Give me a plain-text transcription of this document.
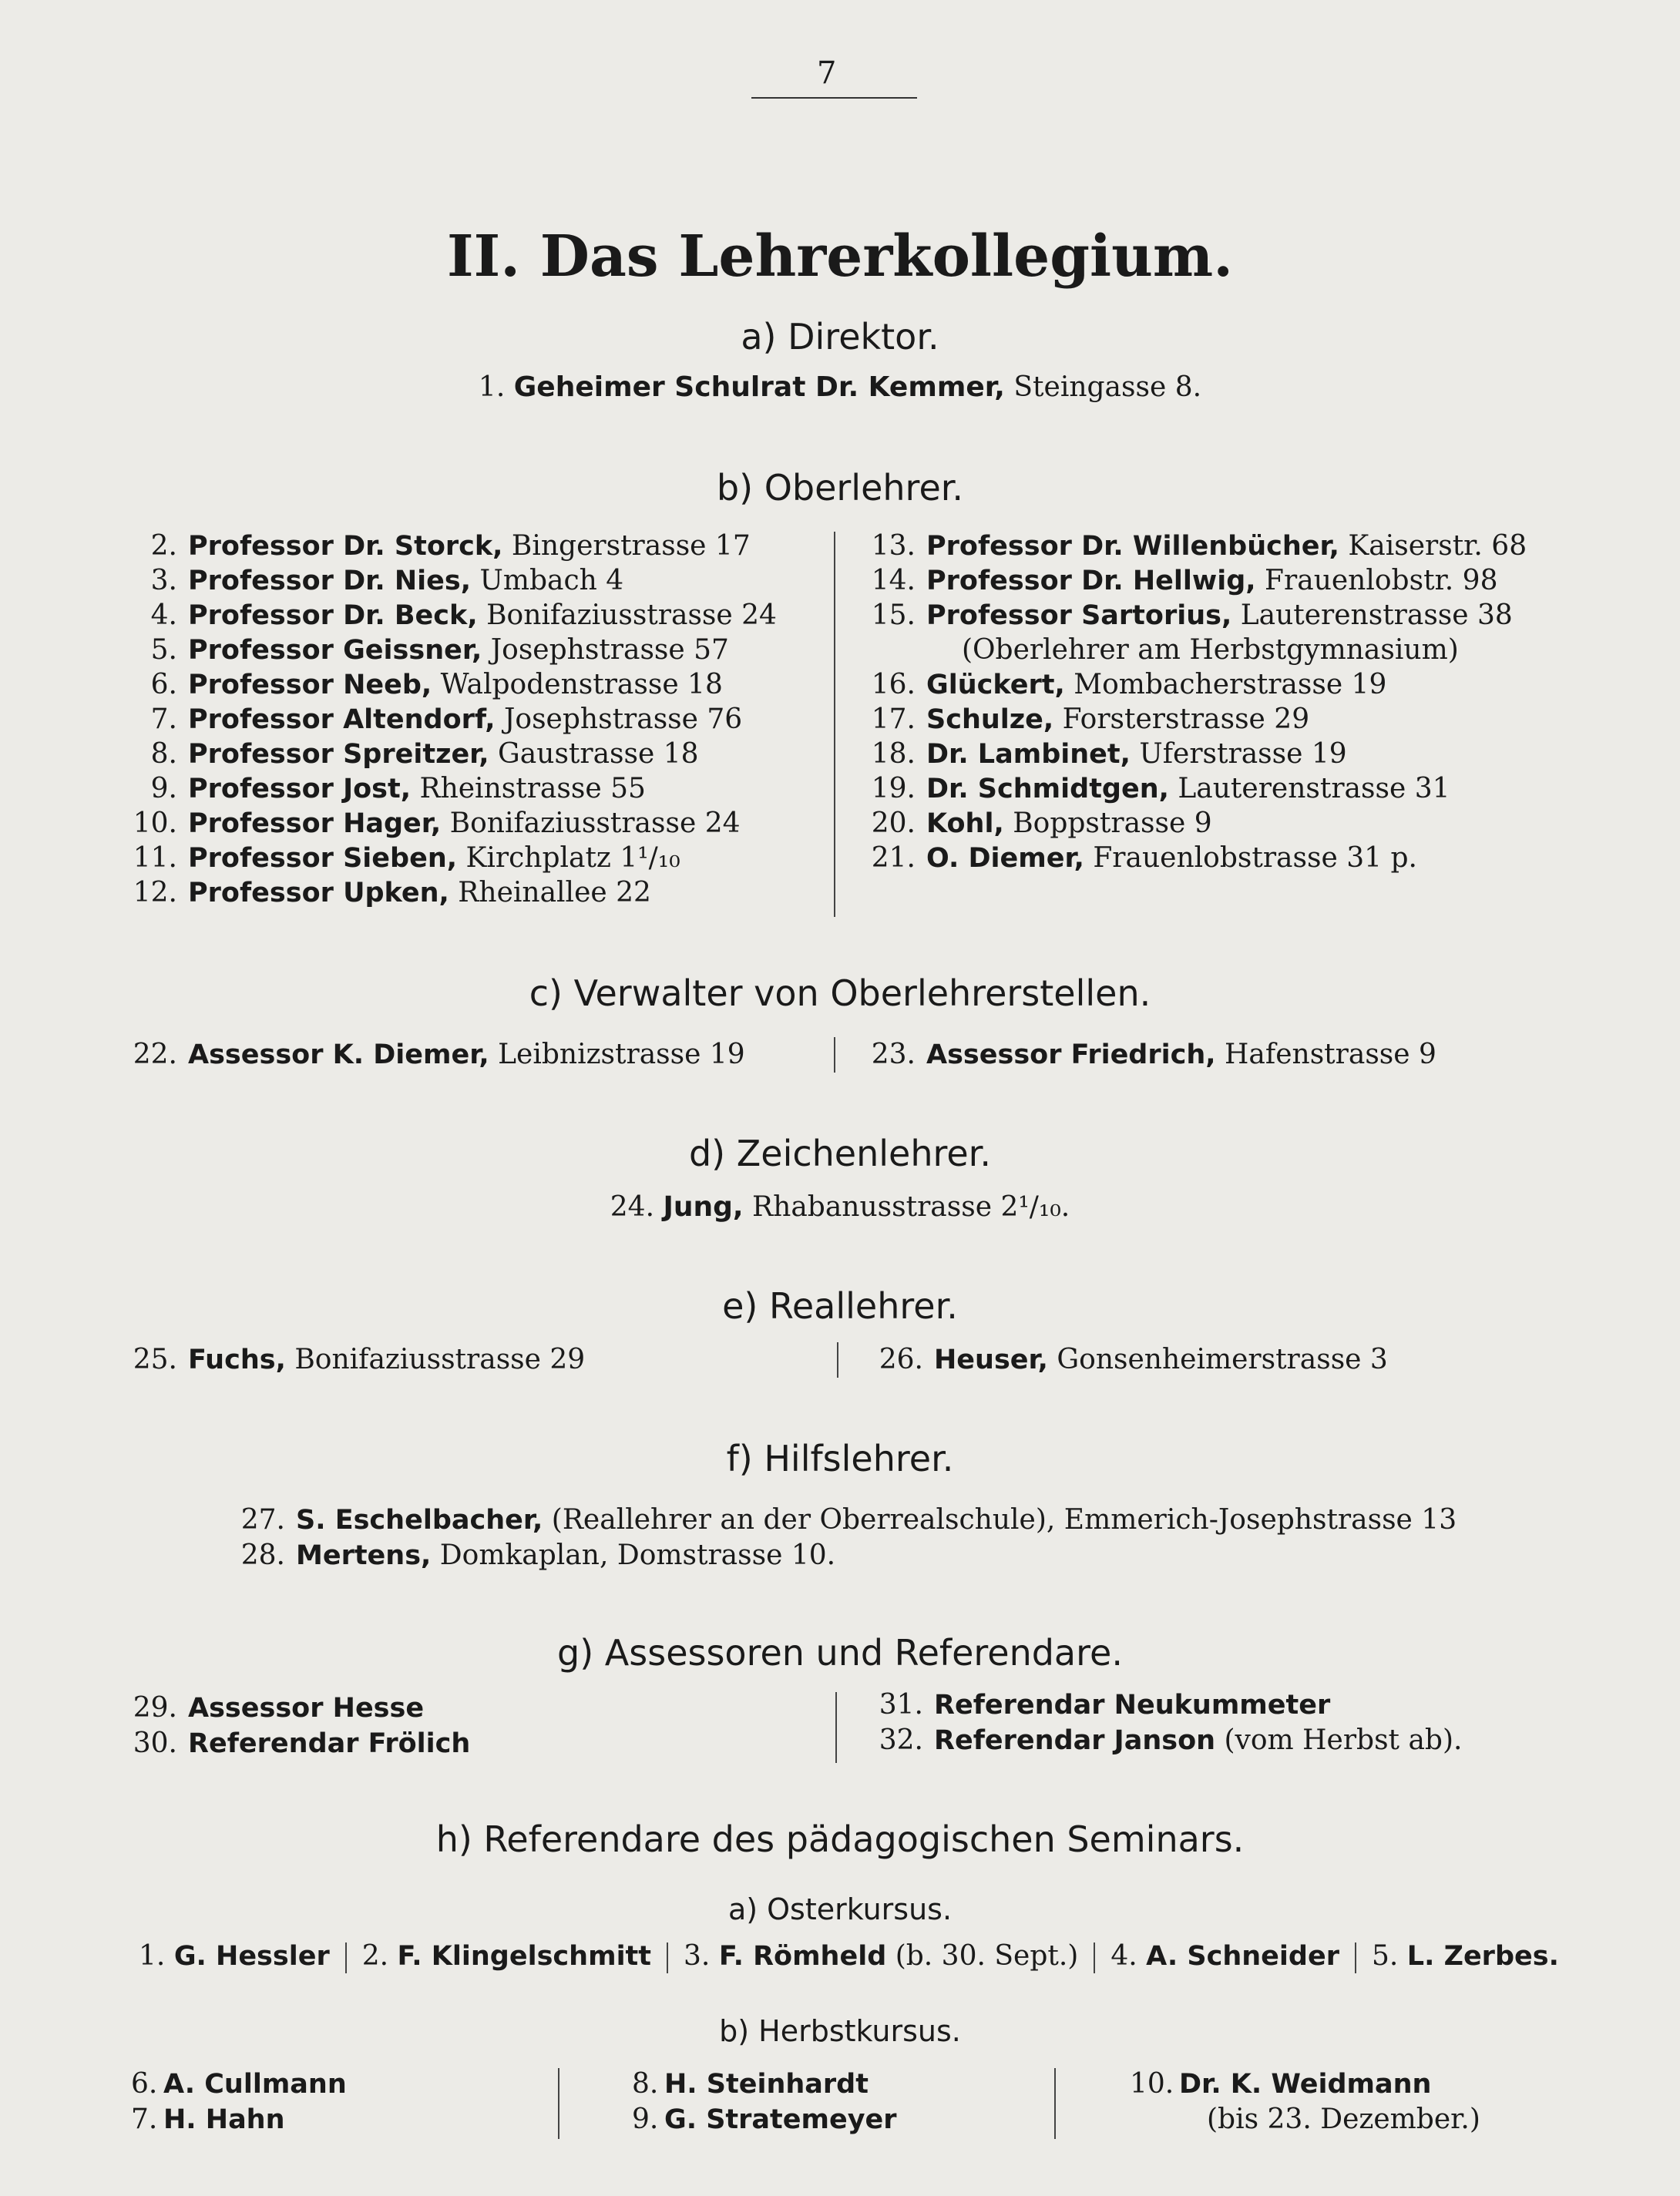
7
II. Das Lehrerkollegium.
a) Direktor.
1. Geheimer Schulrat Dr. Kemmer, Steingasse 8.
b) Oberlehrer.
2. Professor Dr. Storck, Bingerstrasse 17
3. Professor Dr. Nies, Umbach 4
4. Professor Dr. Beck, Bonifaziusstrasse 24
5. Professor Geissner, Josephstrasse 57
6. Professor Neeb, Walpodenstrasse 18
7. Professor Altendorf, Josephstrasse 76
8. Professor Spreitzer, Gaustrasse 18
9. Professor Jost, Rheinstrasse 55
10. Professor Hager, Bonifaziusstrasse 24
11. Professor Sieben, Kirchplatz 1¹/₁₀
12. Professor Upken, Rheinallee 22
13. Professor Dr. Willenbücher, Kaiserstr. 68
14. Professor Dr. Hellwig, Frauenlobstr. 98
15. Professor Sartorius, Lauterenstrasse 38
(Oberlehrer am Herbstgymnasium)
16. Glückert, Mombacherstrasse 19
17. Schulze, Forsterstrasse 29
18. Dr. Lambinet, Uferstrasse 19
19. Dr. Schmidtgen, Lauterenstrasse 31
20. Kohl, Boppstrasse 9
21. O. Diemer, Frauenlobstrasse 31 p.
c) Verwalter von Oberlehrerstellen.
22. Assessor K. Diemer, Leibnizstrasse 19	23. Assessor Friedrich, Hafenstrasse 9
d) Zeichenlehrer.
24. Jung, Rhabanusstrasse 2¹/₁₀.
e) Reallehrer.
25. Fuchs, Bonifaziusstrasse 29	26. Heuser, Gonsenheimerstrasse 3
f) Hilfslehrer.
27. S. Eschelbacher, (Reallehrer an der Oberrealschule), Emmerich-Josephstrasse 13
28. Mertens, Domkaplan, Domstrasse 10.
g) Assessoren und Referendare.
29. Assessor Hesse
30. Referendar Frölich
31. Referendar Neukummeter
32. Referendar Janson (vom Herbst ab).
h) Referendare des pädagogischen Seminars.
a) Osterkursus.
1. G. Hessler 2. F. Klingelschmitt 3. F. Römheld (b. 30. Sept.) 4. A. Schneider 5. L. Zerbes.
b) Herbstkursus.
6. A. Cullmann
7. H. Hahn
8. H. Steinhardt
9. G. Stratemeyer
10. Dr. K. Weidmann
(bis 23. Dezember.)
